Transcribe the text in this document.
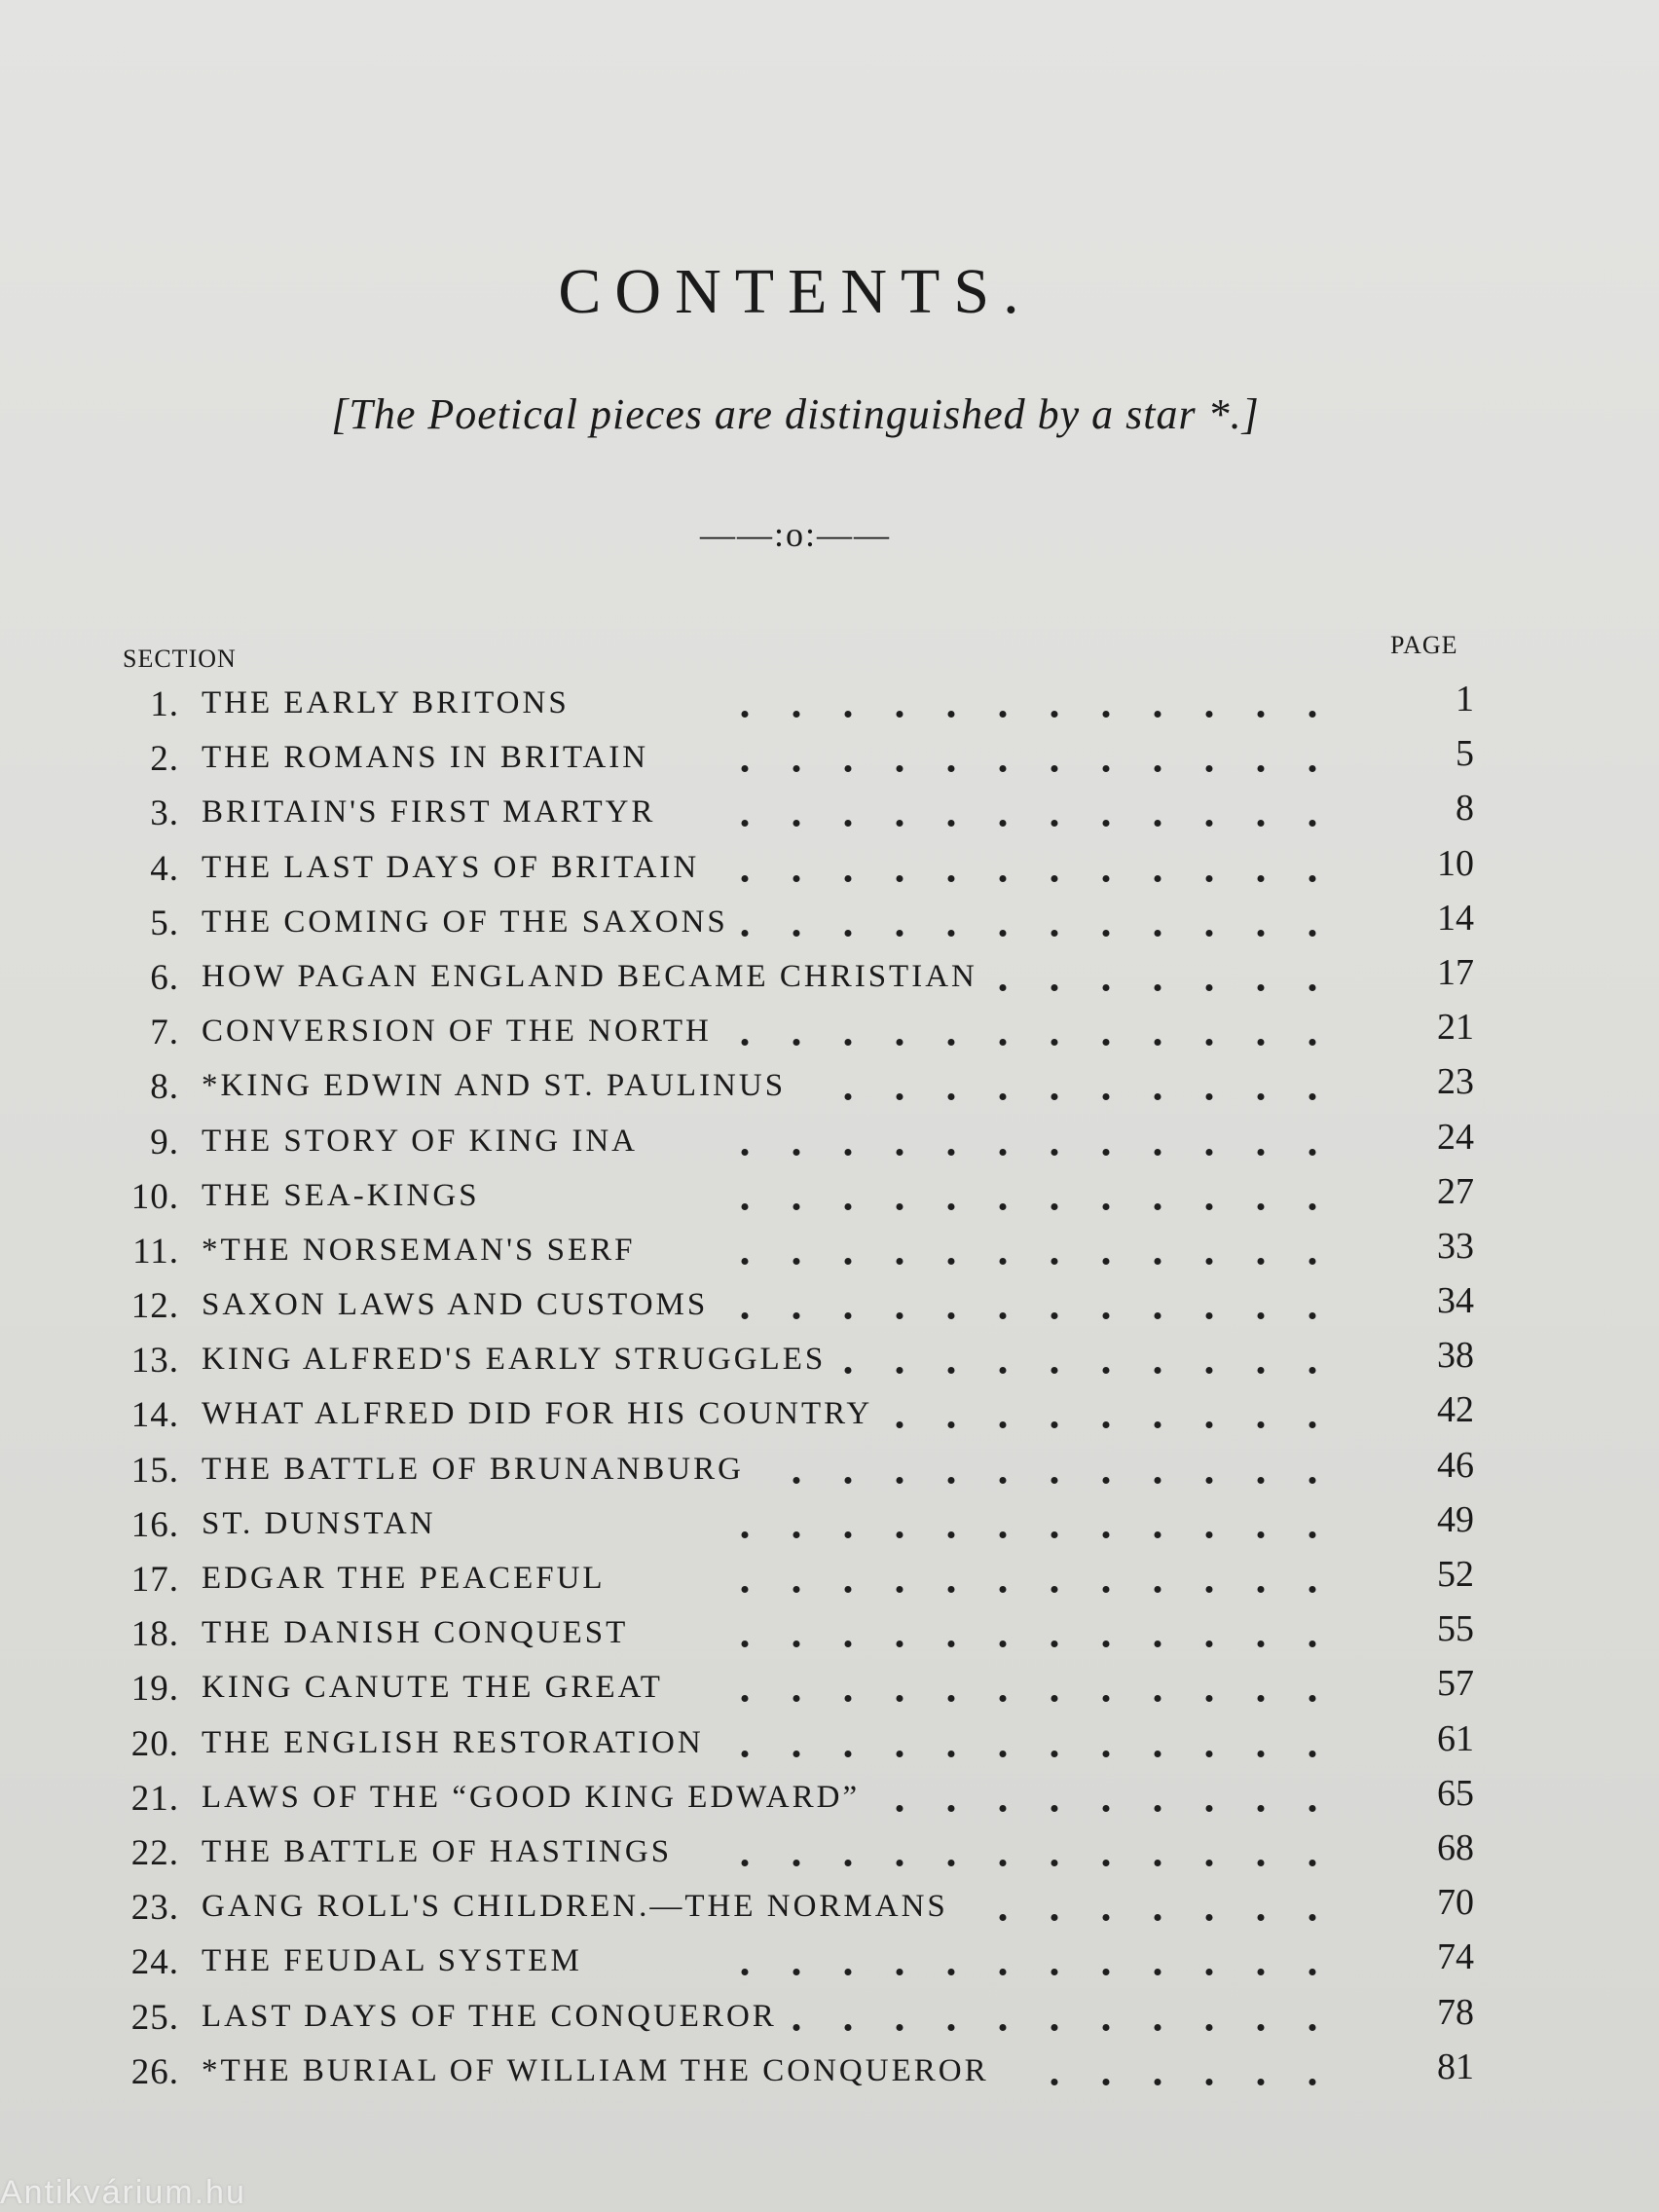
CONTENTS.
[The Poetical pieces are distinguished by a star *.]
——:o:——
SECTION	PAGE
1. THE EARLY BRITONS	1
2. THE ROMANS IN BRITAIN	5
3. BRITAIN'S FIRST MARTYR	8
4. THE LAST DAYS OF BRITAIN	10
5. THE COMING OF THE SAXONS	14
6. HOW PAGAN ENGLAND BECAME CHRISTIAN	17
7. CONVERSION OF THE NORTH	21
8. *KING EDWIN AND ST. PAULINUS	23
9. THE STORY OF KING INA	24
10. THE SEA-KINGS	27
11. *THE NORSEMAN'S SERF	33
12. SAXON LAWS AND CUSTOMS	34
13. KING ALFRED'S EARLY STRUGGLES	38
14. WHAT ALFRED DID FOR HIS COUNTRY	42
15. THE BATTLE OF BRUNANBURG	46
16. ST. DUNSTAN	49
17. EDGAR THE PEACEFUL	52
18. THE DANISH CONQUEST	55
19. KING CANUTE THE GREAT	57
20. THE ENGLISH RESTORATION	61
21. LAWS OF THE “GOOD KING EDWARD”	65
22. THE BATTLE OF HASTINGS	68
23. GANG ROLL'S CHILDREN.—THE NORMANS	70
24. THE FEUDAL SYSTEM	74
25. LAST DAYS OF THE CONQUEROR	78
26. *THE BURIAL OF WILLIAM THE CONQUEROR	81
Antikvárium.hu
